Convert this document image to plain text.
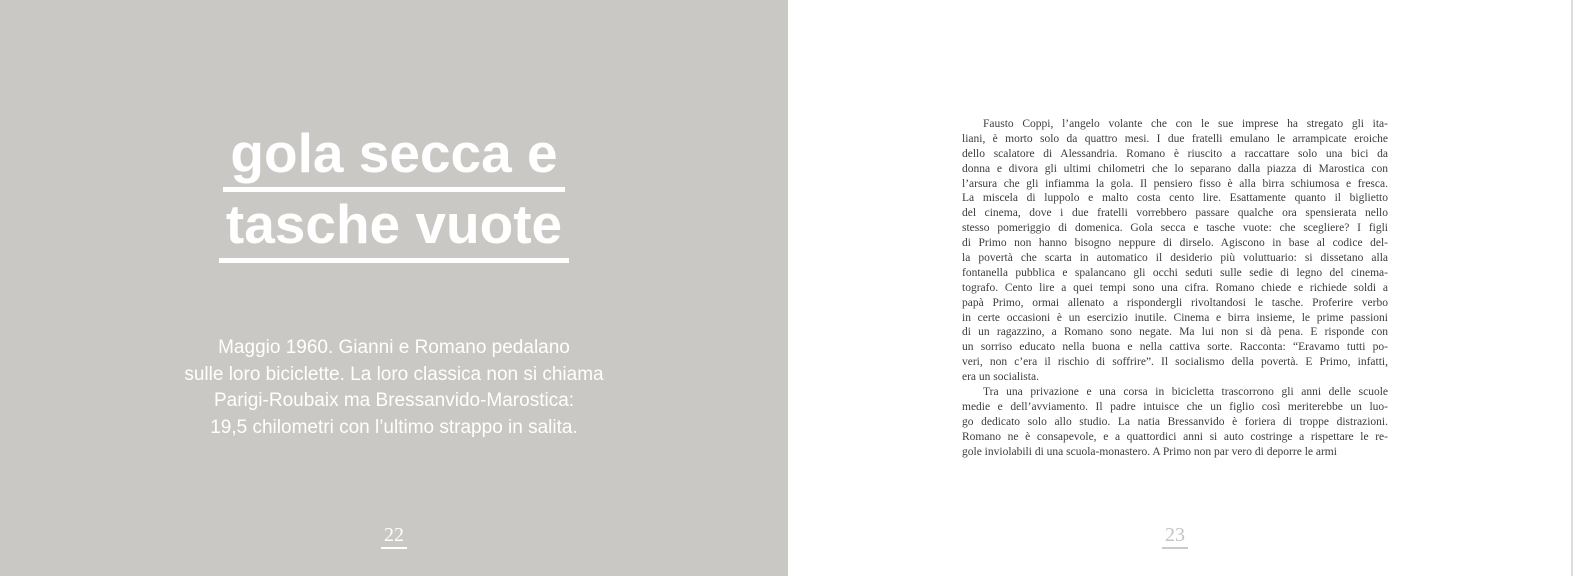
gola secca e
tasche vuote
Maggio 1960. Gianni e Romano pedalano
sulle loro biciclette. La loro classica non si chiama
Parigi-Roubaix ma Bressanvido-Marostica:
19,5 chilometri con l’ultimo strappo in salita.
22
Fausto Coppi, l’angelo volante che con le sue imprese ha stregato gli ita-
liani, è morto solo da quattro mesi. I due fratelli emulano le arrampicate eroiche
dello scalatore di Alessandria. Romano è riuscito a raccattare solo una bici da
donna e divora gli ultimi chilometri che lo separano dalla piazza di Marostica con
l’arsura che gli infiamma la gola. Il pensiero fisso è alla birra schiumosa e fresca.
La miscela di luppolo e malto costa cento lire. Esattamente quanto il biglietto
del cinema, dove i due fratelli vorrebbero passare qualche ora spensierata nello
stesso pomeriggio di domenica. Gola secca e tasche vuote: che scegliere? I figli
di Primo non hanno bisogno neppure di dirselo. Agiscono in base al codice del-
la povertà che scarta in automatico il desiderio più voluttuario: si dissetano alla
fontanella pubblica e spalancano gli occhi seduti sulle sedie di legno del cinema-
tografo. Cento lire a quei tempi sono una cifra. Romano chiede e richiede soldi a
papà Primo, ormai allenato a rispondergli rivoltandosi le tasche. Proferire verbo
in certe occasioni è un esercizio inutile. Cinema e birra insieme, le prime passioni
di un ragazzino, a Romano sono negate. Ma lui non si dà pena. E risponde con
un sorriso educato nella buona e nella cattiva sorte. Racconta: “Eravamo tutti po-
veri, non c’era il rischio di soffrire”. Il socialismo della povertà. E Primo, infatti,
era un socialista.
Tra una privazione e una corsa in bicicletta trascorrono gli anni delle scuole
medie e dell’avviamento. Il padre intuisce che un figlio così meriterebbe un luo-
go dedicato solo allo studio. La natia Bressanvido è foriera di troppe distrazioni.
Romano ne è consapevole, e a quattordici anni si auto costringe a rispettare le re-
gole inviolabili di una scuola-monastero. A Primo non par vero di deporre le armi
23
